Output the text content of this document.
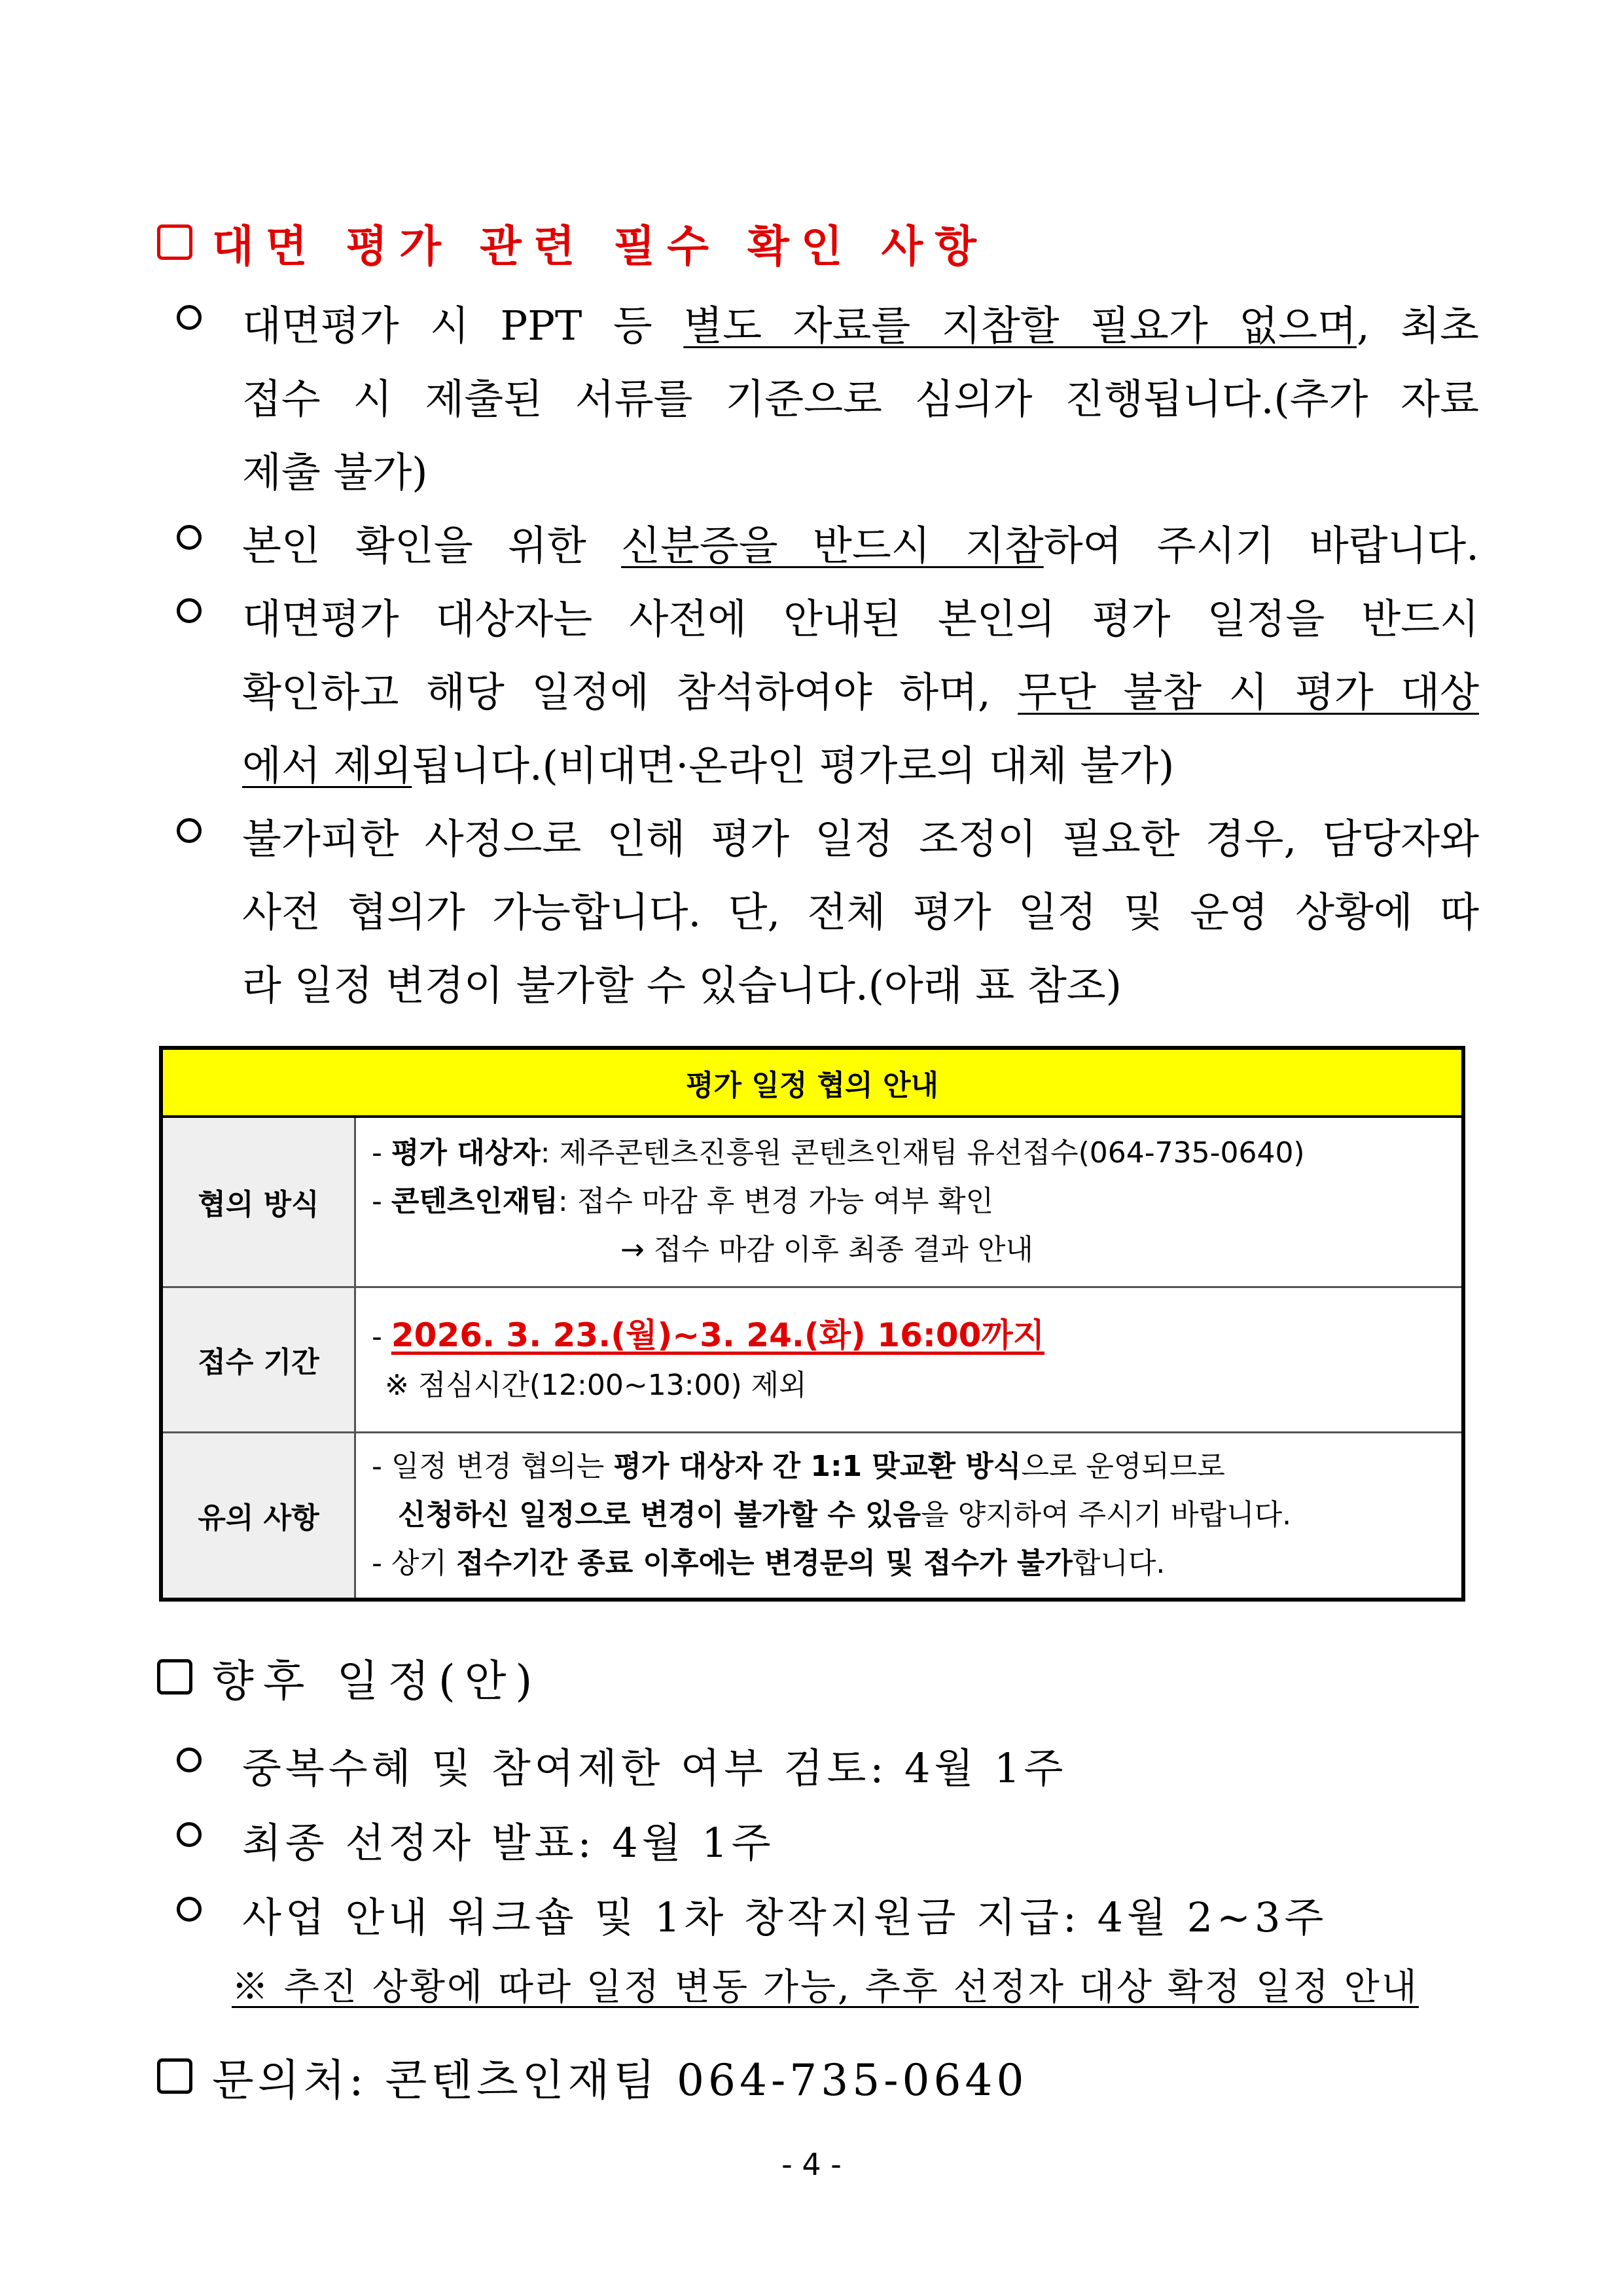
대면 평가 관련 필수 확인 사항
대면평가 시 PPT 등 별도 자료를 지참할 필요가 없으며, 최초
접수 시 제출된 서류를 기준으로 심의가 진행됩니다.(추가 자료
제출 불가)
본인 확인을 위한 신분증을 반드시 지참하여 주시기 바랍니다.
대면평가 대상자는 사전에 안내된 본인의 평가 일정을 반드시
확인하고 해당 일정에 참석하여야 하며, 무단 불참 시 평가 대상
에서 제외됩니다.(비대면·온라인 평가로의 대체 불가)
불가피한 사정으로 인해 평가 일정 조정이 필요한 경우, 담당자와
사전 협의가 가능합니다. 단, 전체 평가 일정 및 운영 상황에 따
라 일정 변경이 불가할 수 있습니다.(아래 표 참조)
평가 일정 협의 안내	
협의 방식	- 평가 대상자: 제주콘텐츠진흥원 콘텐츠인재팀 유선접수(064-735-0640)
- 콘텐츠인재팀: 접수 마감 후 변경 가능 여부 확인
→ 접수 마감 이후 최종 결과 안내

접수 기간	- 2026. 3. 23.(월)~3. 24.(화) 16:00까지
※ 점심시간(12:00~13:00) 제외

유의 사항	- 일정 변경 협의는 평가 대상자 간 1:1 맞교환 방식으로 운영되므로
신청하신 일정으로 변경이 불가할 수 있음을 양지하여 주시기 바랍니다.
- 상기 접수기간 종료 이후에는 변경문의 및 접수가 불가합니다.
향후 일정(안)
중복수혜 및 참여제한 여부 검토: 4월 1주
최종 선정자 발표: 4월 1주
사업 안내 워크숍 및 1차 창작지원금 지급: 4월 2~3주
※ 추진 상황에 따라 일정 변동 가능, 추후 선정자 대상 확정 일정 안내
문의처: 콘텐츠인재팀 064-735-0640
- 4 -
